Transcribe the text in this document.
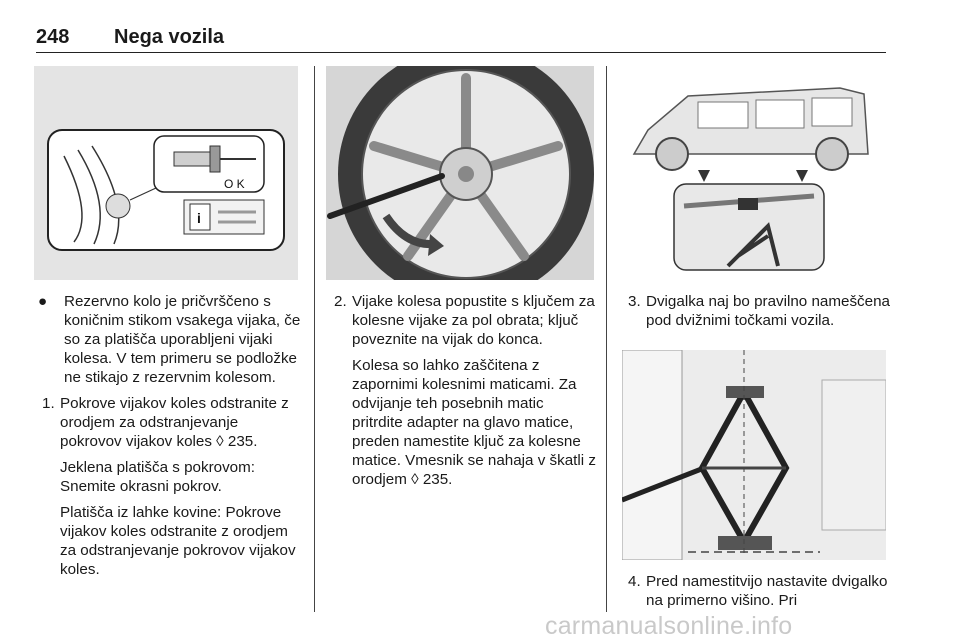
248 Nega vozila
O K
i
● Rezervno kolo je pričvrščeno s koničnim stikom vsakega vijaka, če so za platišča uporabljeni vijaki kolesa. V tem primeru se podložke ne stikajo z rezervnim kolesom.
1. Pokrove vijakov koles odstranite z orodjem za odstranjevanje pokrovov vijakov koles ◊ 235.
Jeklena platišča s pokrovom: Snemite okrasni pokrov.
Platišča iz lahke kovine: Pokrove vijakov koles odstranite z orodjem za odstranjevanje pokrovov vijakov koles.
2. Vijake kolesa popustite s ključem za kolesne vijake za pol obrata; ključ poveznite na vijak do konca.
Kolesa so lahko zaščitena z zapornimi kolesnimi maticami. Za odvijanje teh posebnih matic pritrdite adapter na glavo matice, preden namestite ključ za kolesne matice. Vmesnik se nahaja v škatli z orodjem ◊ 235.
3. Dvigalka naj bo pravilno nameščena pod dvižnimi točkami vozila.
4. Pred namestitvijo nastavite dvigalko na primerno višino. Pri
carmanualsonline.info
